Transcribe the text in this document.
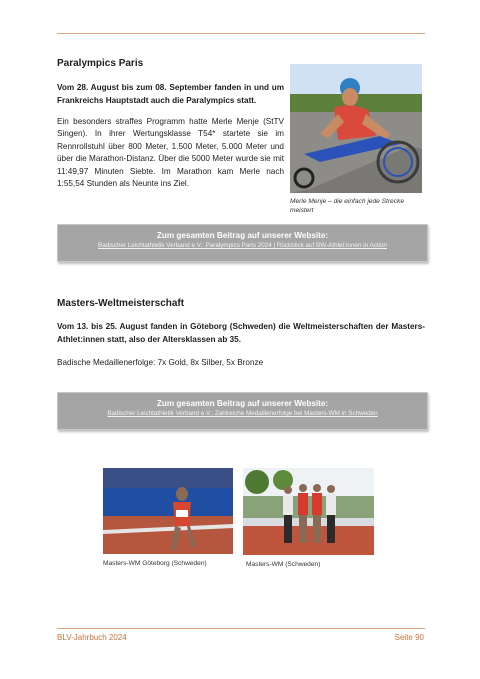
Paralympics Paris
Vom 28. August bis zum 08. September fanden in und um Frankreichs Hauptstadt auch die Paralympics statt.
Ein besonders straffes Programm hatte Merle Menje (StTV Singen). In ihrer Wertungsklasse T54* startete sie im Rennrollstuhl über 800 Meter, 1.500 Meter, 5.000 Meter und über die Marathon-Distanz. Über die 5000 Meter wurde sie mit 11:49,97 Minuten Siebte. Im Marathon kam Merle nach 1:55,54 Stunden als Neunte ins Ziel.
Merle Menje – die einfach jede Strecke meistert
Zum gesamten Beitrag auf unserer Website:
Badischer Leichtathletik Verband e.V.: Paralympics Paris 2024 | Rückblick auf BW-Athlet:innen in Action
Masters-Weltmeisterschaft
Vom 13. bis 25. August fanden in Göteborg (Schweden) die Weltmeisterschaften der Masters-Athlet:innen statt, also der Altersklassen ab 35.
Badische Medaillenerfolge: 7x Gold, 8x Silber, 5x Bronze
Zum gesamten Beitrag auf unserer Website:
Badischer Leichtathletik Verband e.V.: Zahlreiche Medaillenerfolge bei Masters-WM in Schweden
Masters-WM Göteborg (Schweden)	Masters-WM (Schweden)
BLV-Jahrbuch 2024	Seite 90
